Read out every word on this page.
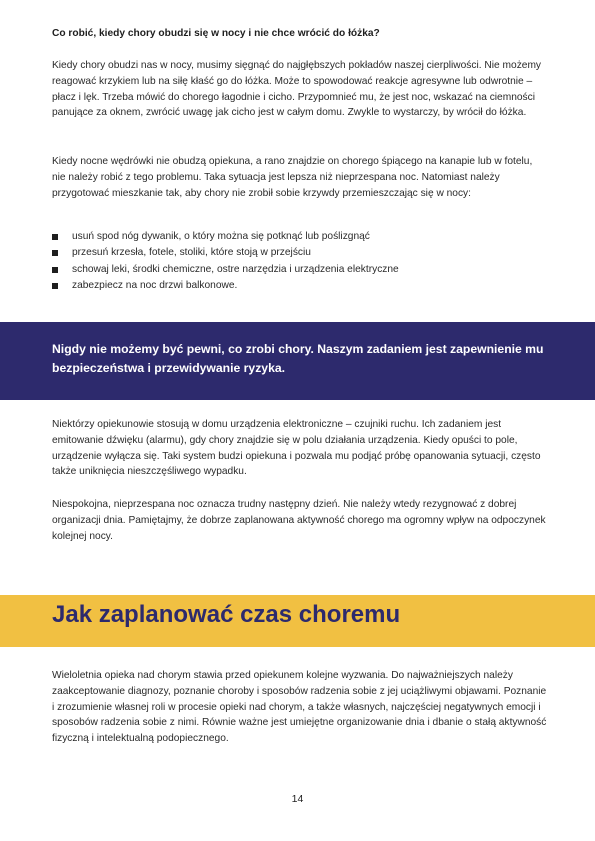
Co robić, kiedy chory obudzi się w nocy i nie chce wrócić do łóżka?

Kiedy chory obudzi nas w nocy, musimy sięgnąć do najgłębszych pokładów naszej cierpliwości. Nie możemy reagować krzykiem lub na siłę kłaść go do łóżka. Może to spowodować reakcje agresywne lub odwrotnie – płacz i lęk. Trzeba mówić do chorego łagodnie i cicho. Przypomnieć mu, że jest noc, wskazać na ciemności panujące za oknem, zwrócić uwagę jak cicho jest w całym domu. Zwykle to wystarczy, by wrócił do łóżka.

Kiedy nocne wędrówki nie obudzą opiekuna, a rano znajdzie on chorego śpiącego na kanapie lub w fotelu, nie należy robić z tego problemu. Taka sytuacja jest lepsza niż nieprzespana noc. Natomiast należy przygotować mieszkanie tak, aby chory nie zrobił sobie krzywdy przemieszczając się w nocy:

usuń spod nóg dywanik, o który można się potknąć lub poślizgnąć
przesuń krzesła, fotele, stoliki, które stoją w przejściu
schowaj leki, środki chemiczne, ostre narzędzia i urządzenia elektryczne
zabezpiecz na noc drzwi balkonowe.

Nigdy nie możemy być pewni, co zrobi chory. Naszym zadaniem jest zapewnienie mu bezpieczeństwa i przewidywanie ryzyka.

Niektórzy opiekunowie stosują w domu urządzenia elektroniczne – czujniki ruchu. Ich zadaniem jest emitowanie dźwięku (alarmu), gdy chory znajdzie się w polu działania urządzenia. Kiedy opuści to pole, urządzenie wyłącza się. Taki system budzi opiekuna i pozwala mu podjąć próbę opanowania sytuacji, często także uniknięcia nieszczęśliwego wypadku.

Niespokojna, nieprzespana noc oznacza trudny następny dzień. Nie należy wtedy rezygnować z dobrej organizacji dnia. Pamiętajmy, że dobrze zaplanowana aktywność chorego ma ogromny wpływ na odpoczynek kolejnej nocy.

Jak zaplanować czas choremu

Wieloletnia opieka nad chorym stawia przed opiekunem kolejne wyzwania. Do najważniejszych należy zaakceptowanie diagnozy, poznanie choroby i sposobów radzenia sobie z jej uciążliwymi objawami. Poznanie i zrozumienie własnej roli w procesie opieki nad chorym, a także własnych, najczęściej negatywnych emocji i sposobów radzenia sobie z nimi. Równie ważne jest umiejętne organizowanie dnia i dbanie o stałą aktywność fizyczną i intelektualną podopiecznego.

14
